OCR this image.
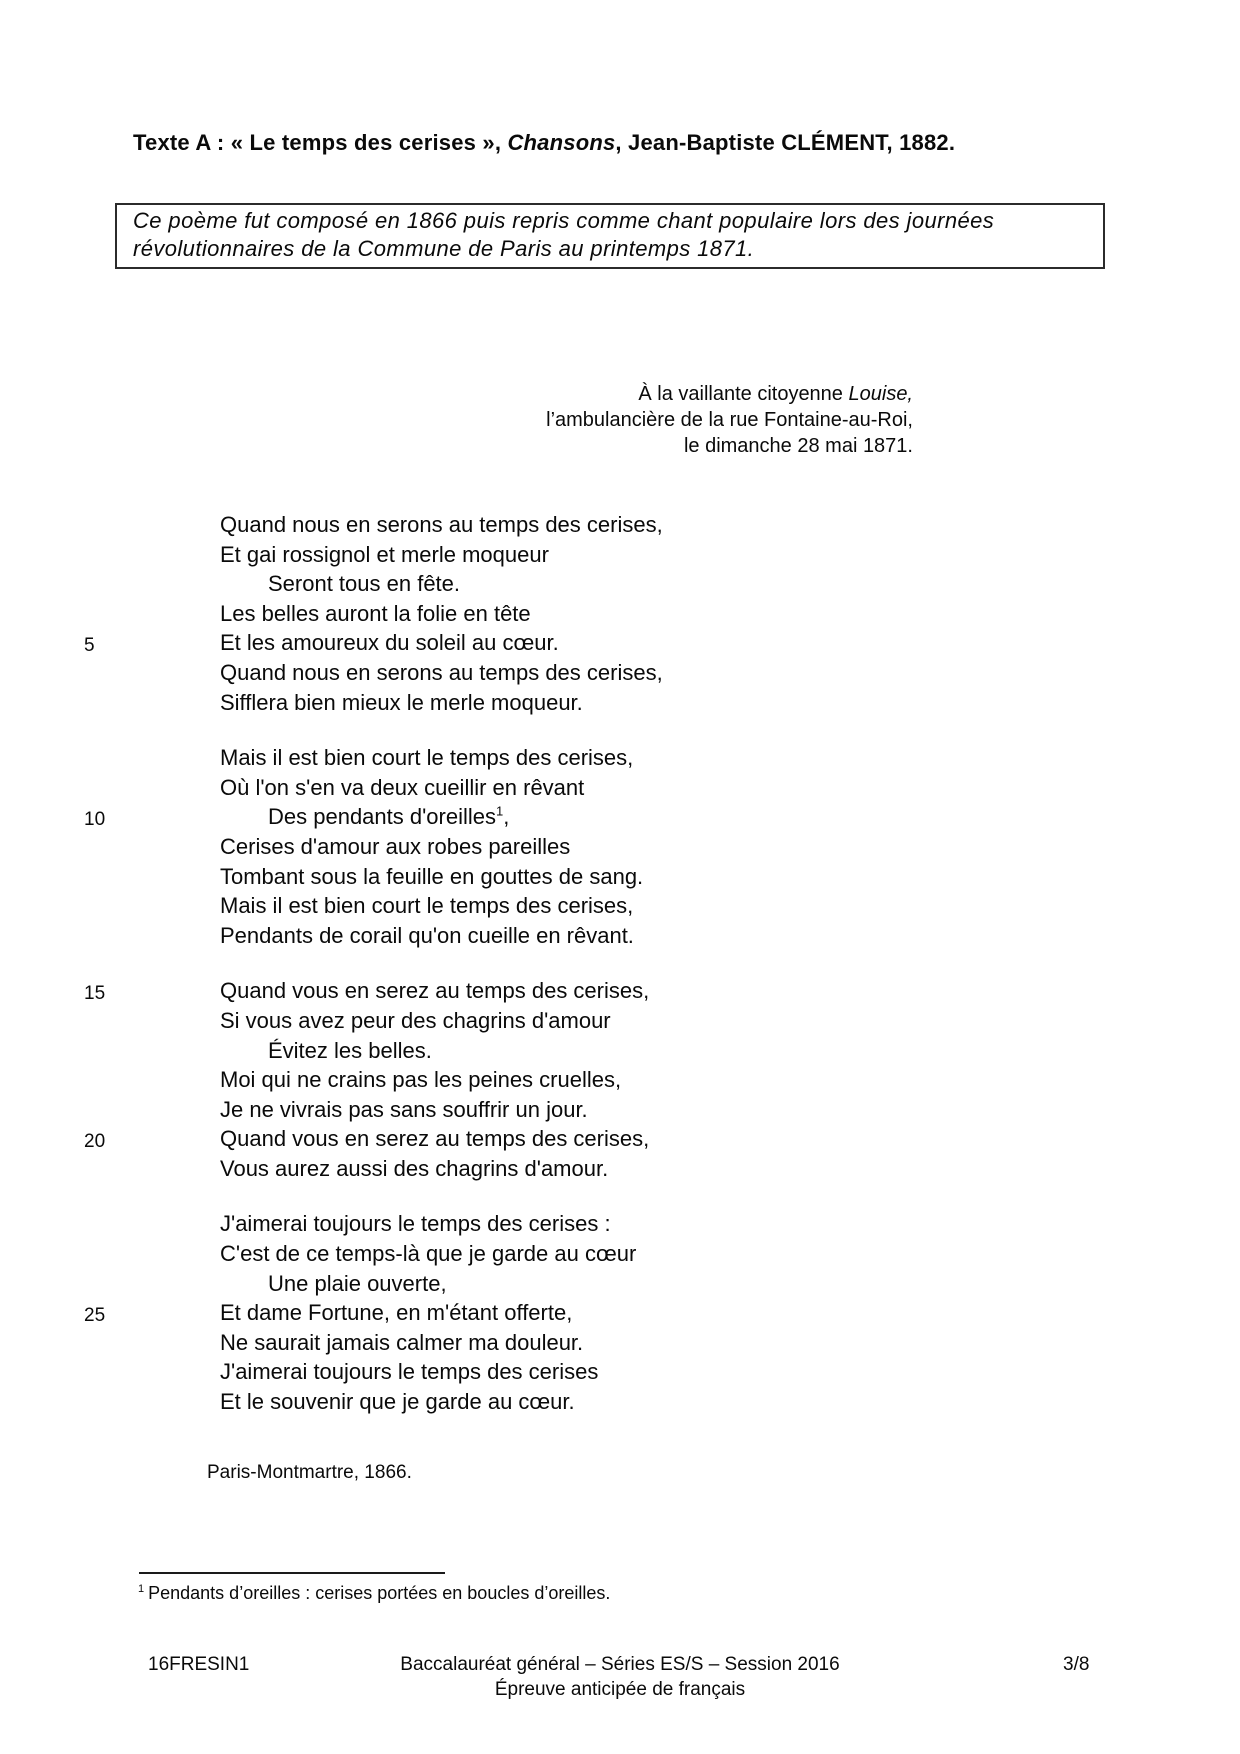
Texte A : « Le temps des cerises », Chansons, Jean-Baptiste CLÉMENT, 1882.
Ce poème fut composé en 1866 puis repris comme chant populaire lors des journées
révolutionnaires de la Commune de Paris au printemps 1871.
À la vaillante citoyenne Louise,
l’ambulancière de la rue Fontaine-au-Roi,
le dimanche 28 mai 1871.
Quand nous en serons au temps des cerises,
Et gai rossignol et merle moqueur
Seront tous en fête.
Les belles auront la folie en tête
5	Et les amoureux du soleil au cœur.
Quand nous en serons au temps des cerises,
Sifflera bien mieux le merle moqueur.
Mais il est bien court le temps des cerises,
Où l'on s'en va deux cueillir en rêvant
10	Des pendants d'oreilles$^1$,
Cerises d'amour aux robes pareilles
Tombant sous la feuille en gouttes de sang.
Mais il est bien court le temps des cerises,
Pendants de corail qu'on cueille en rêvant.
15	Quand vous en serez au temps des cerises,
Si vous avez peur des chagrins d'amour
Évitez les belles.
Moi qui ne crains pas les peines cruelles,
Je ne vivrais pas sans souffrir un jour.
20	Quand vous en serez au temps des cerises,
Vous aurez aussi des chagrins d'amour.
J'aimerai toujours le temps des cerises :
C'est de ce temps-là que je garde au cœur
Une plaie ouverte,
25	Et dame Fortune, en m'étant offerte,
Ne saurait jamais calmer ma douleur.
J'aimerai toujours le temps des cerises
Et le souvenir que je garde au cœur.
Paris-Montmartre, 1866.
$^1$ Pendants d’oreilles : cerises portées en boucles d’oreilles.
16FRESIN1	Baccalauréat général – Séries ES/S – Session 2016
Épreuve anticipée de français
3/8
